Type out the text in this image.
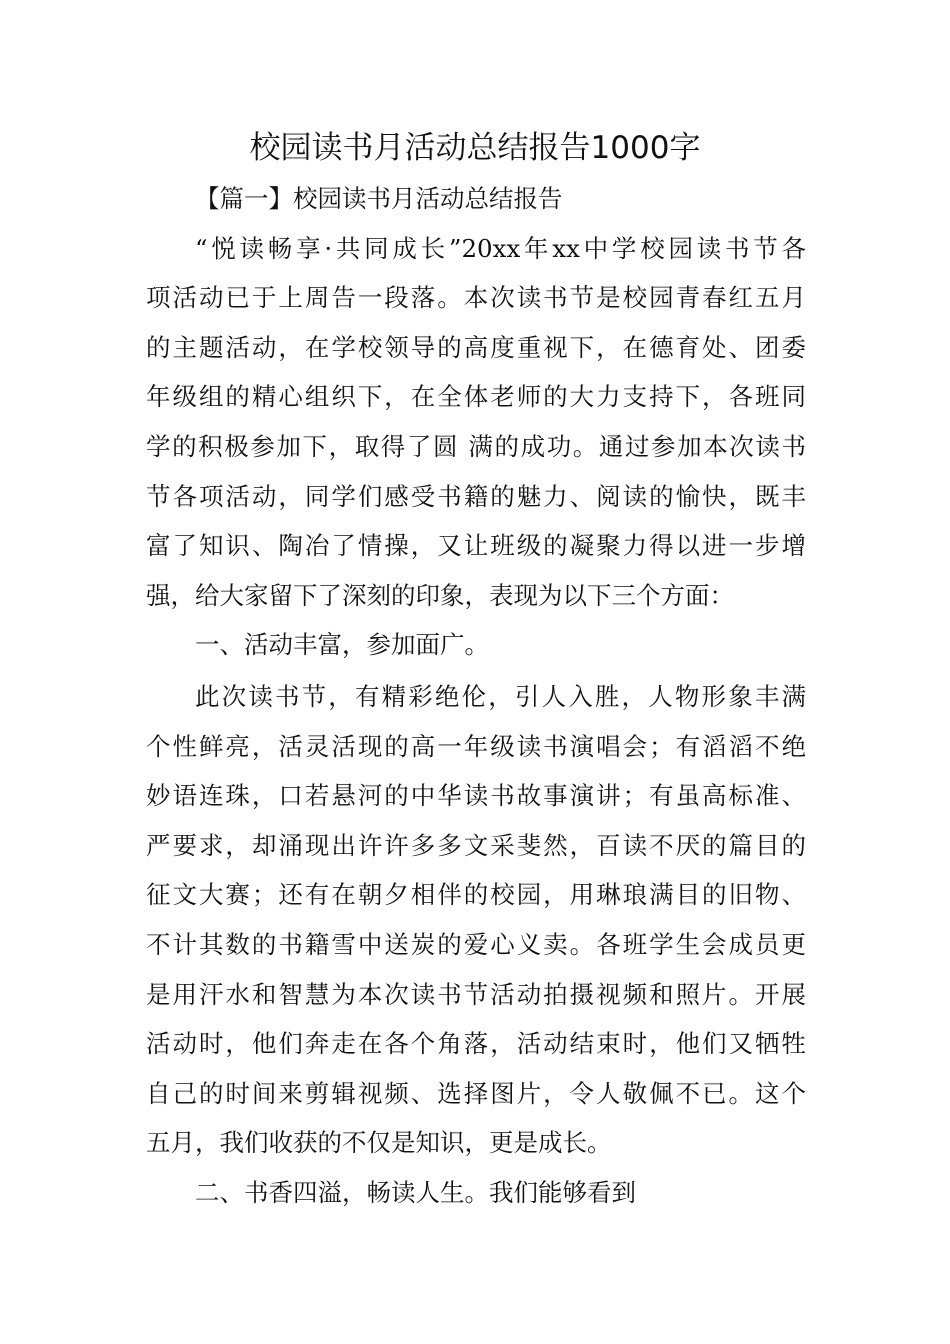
校园读书月活动总结报告1000字
【篇一】校园读书月活动总结报告
“悦读畅享·共同成长”20xx年xx中学校园读书节各
项活动已于上周告一段落。本次读书节是校园青春红五月
的主题活动，在学校领导的高度重视下，在德育处、团委
年级组的精心组织下，在全体老师的大力支持下，各班同
学的积极参加下，取得了圆 满的成功。通过参加本次读书
节各项活动，同学们感受书籍的魅力、阅读的愉快，既丰
富了知识、陶冶了情操，又让班级的凝聚力得以进一步增
强，给大家留下了深刻的印象，表现为以下三个方面：
一、活动丰富，参加面广。
此次读书节，有精彩绝伦，引人入胜，人物形象丰满
个性鲜亮，活灵活现的高一年级读书演唱会；有滔滔不绝
妙语连珠，口若悬河的中华读书故事演讲；有虽高标准、
严要求，却涌现出许许多多文采斐然，百读不厌的篇目的
征文大赛；还有在朝夕相伴的校园，用琳琅满目的旧物、
不计其数的书籍雪中送炭的爱心义卖。各班学生会成员更
是用汗水和智慧为本次读书节活动拍摄视频和照片。开展
活动时，他们奔走在各个角落，活动结束时，他们又牺牲
自己的时间来剪辑视频、选择图片，令人敬佩不已。这个
五月，我们收获的不仅是知识，更是成长。
二、书香四溢，畅读人生。我们能够看到
